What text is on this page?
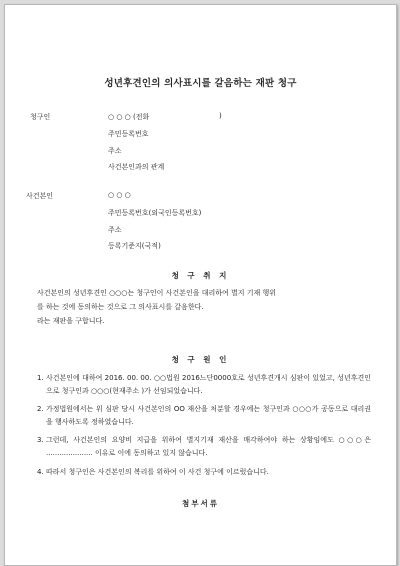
성년후견인의 의사표시를 갈음하는 재판 청구
청구인	○ ○ ○ (전화	)
주민등록번호
주소
사건본인과의 관계
사건본인	○ ○ ○
주민등록번호(외국인등록번호)
주소
등록기준지(국적)
청 구 취 지
사건본인의 성년후견인 ○○○는 청구인이 사건본인을 대리하여 별지 기재 행위
를 하는 것에 동의하는 것으로 그 의사표시를 갈음한다.
라는 재판을 구합니다.
청 구 원 인
1. 사건본인에 대하여 2016. 00. 00. ○○법원 2016느단0000호로 성년후견개시 심판이 있었고, 성년후견인으로 청구인과 ○○○(현재주소 )가 선임되었습니다.
2. 가정법원에서는 위 심판 당시 사건본인의 OO 재산을 처분할 경우에는 청구인과 ○○○가 공동으로 대리권을 행사하도록 정하였습니다.
3. 그런데, 사건본인의 요양비 지급을 위하여 별지기재 재산을 매각하여야 하는 상황임에도 ○○○은 ..................... 이유로 이에 동의하고 있지 않습니다.
4. 따라서 청구인은 사건본인의 복리를 위하여 이 사건 청구에 이르렀습니다.
첨부서류
